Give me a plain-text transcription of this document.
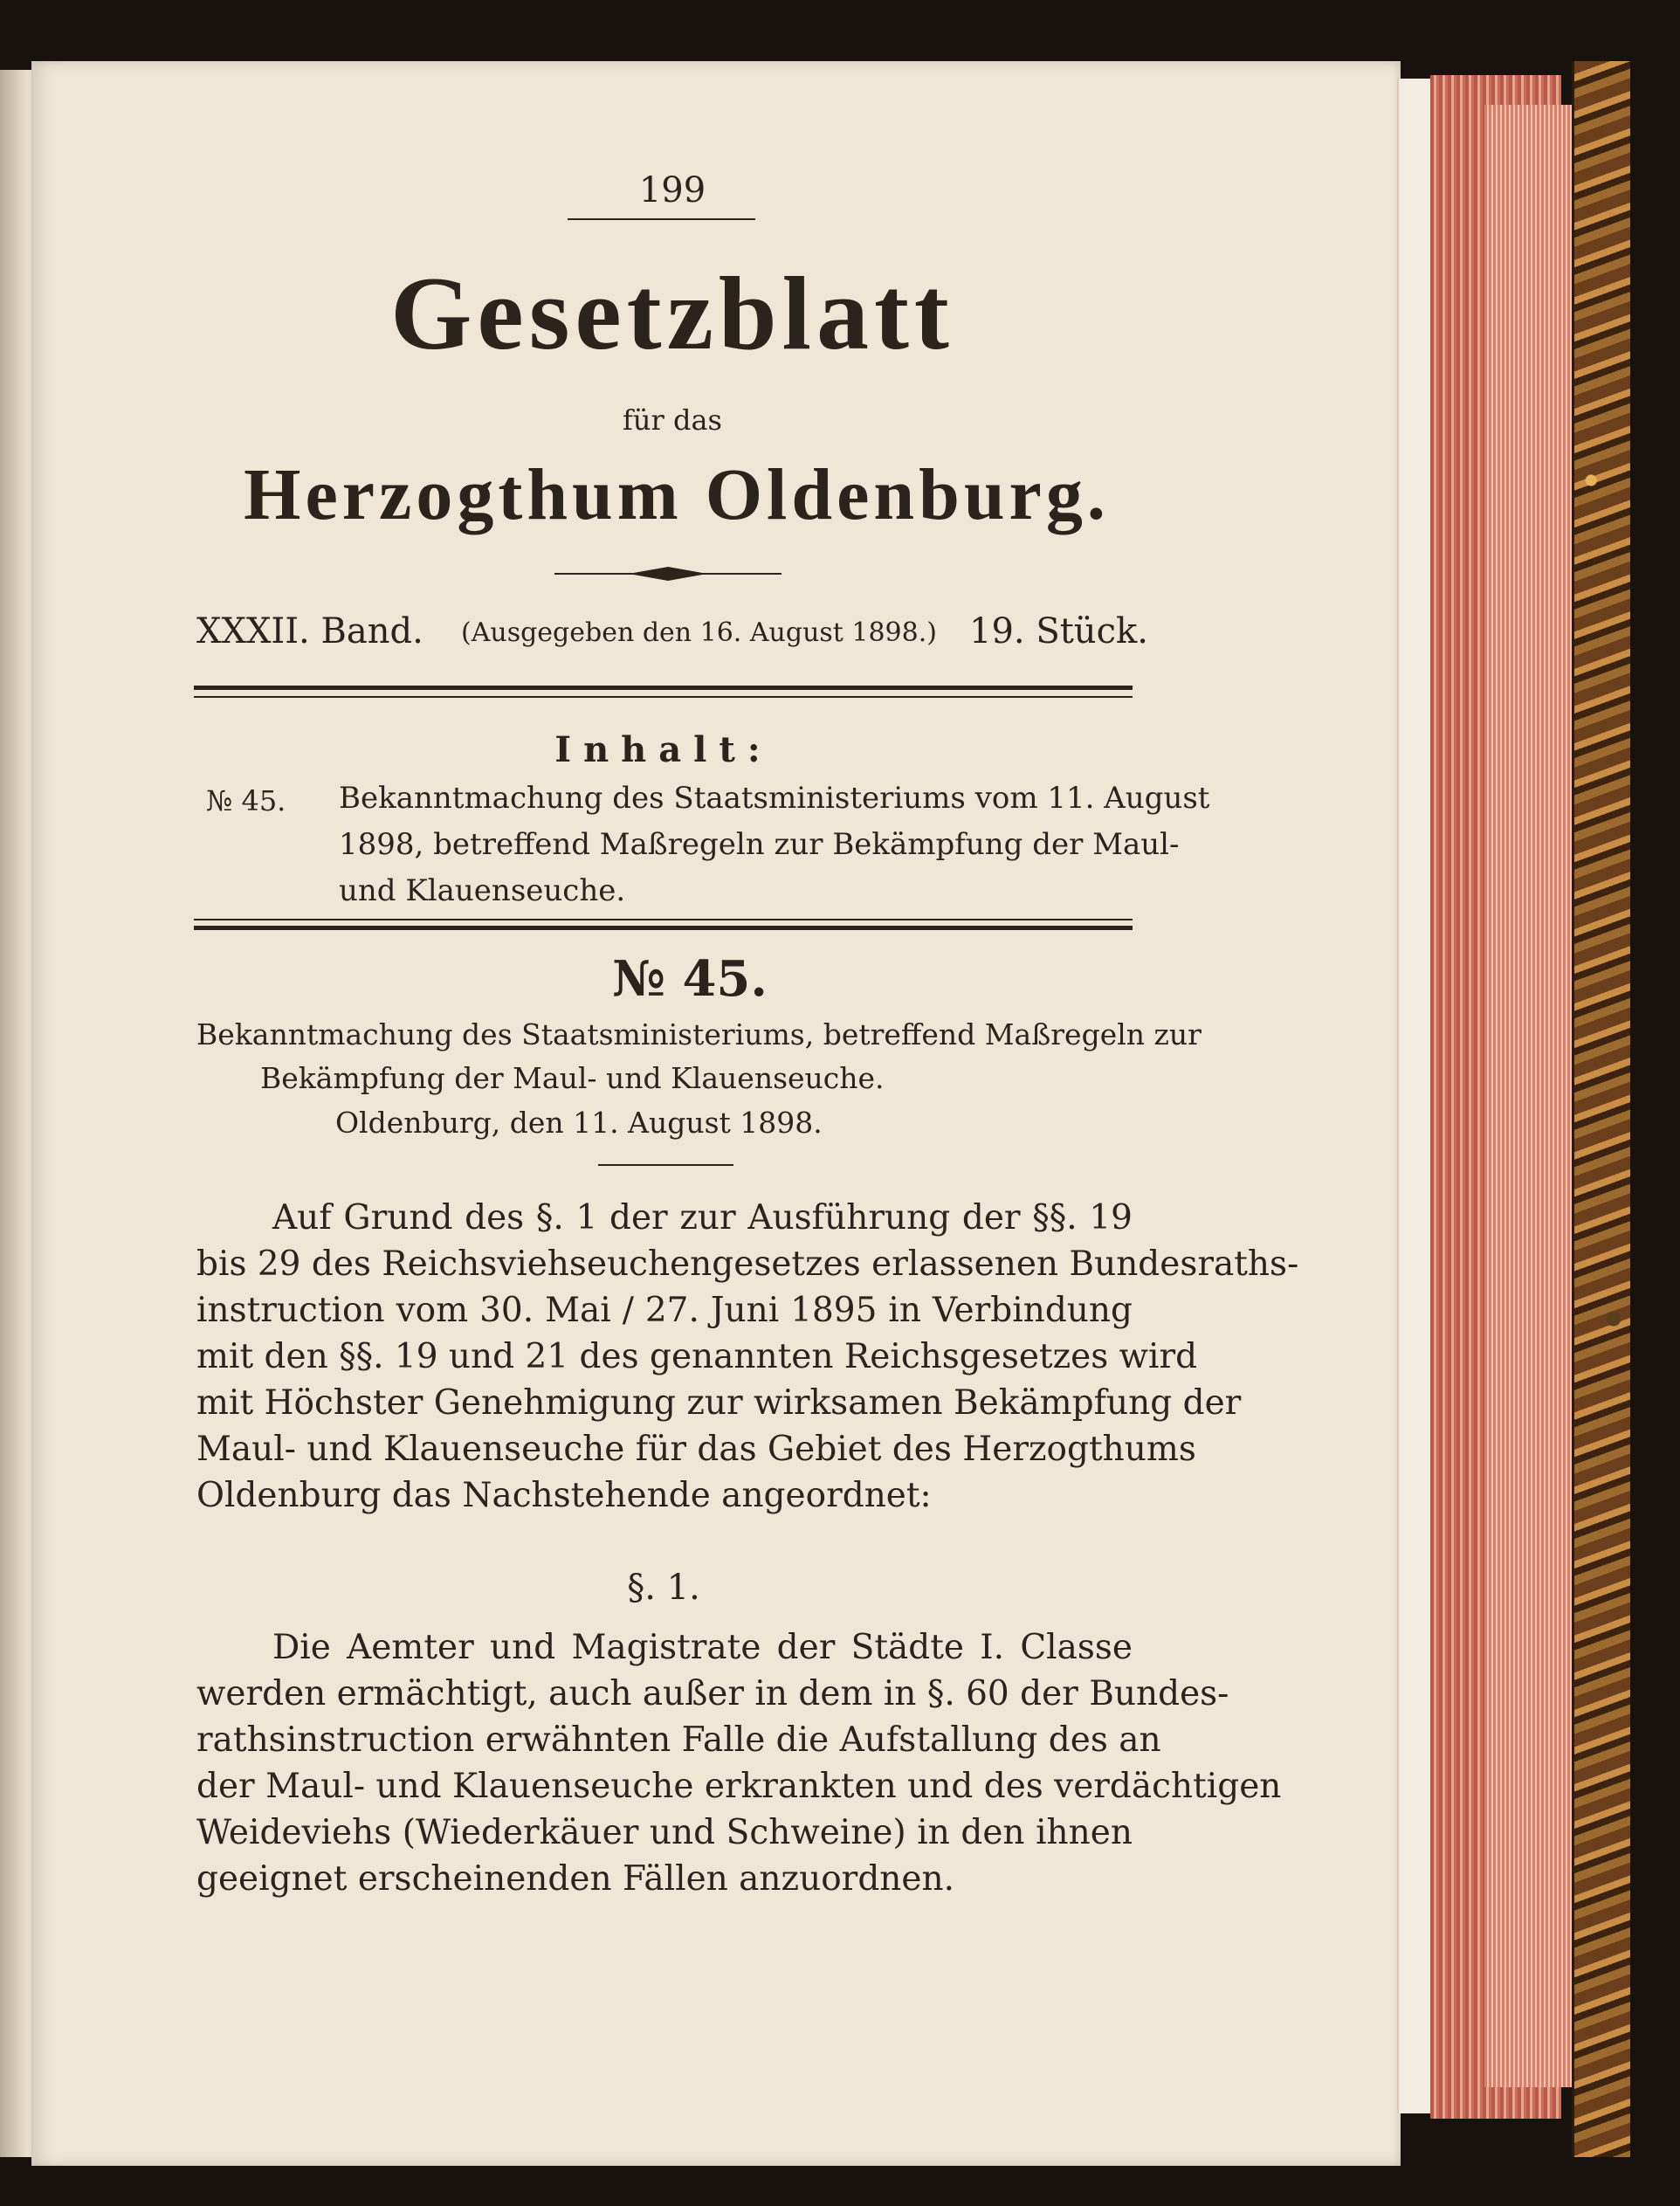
199
Gesetzblatt
für das
Herzogthum Oldenburg.
XXXII. Band. (Ausgegeben den 16. August 1898.) 19. Stück.
Inhalt:
№ 45. Bekanntmachung des Staatsministeriums vom 11. August
1898, betreffend Maßregeln zur Bekämpfung der Maul-
und Klauenseuche.
№ 45.
Bekanntmachung des Staatsministeriums, betreffend Maßregeln zur
Bekämpfung der Maul- und Klauenseuche.
Oldenburg, den 11. August 1898.
Auf Grund des §. 1 der zur Ausführung der §§. 19
bis 29 des Reichsviehseuchengesetzes erlassenen Bundesraths-
instruction vom 30. Mai / 27. Juni 1895 in Verbindung
mit den §§. 19 und 21 des genannten Reichsgesetzes wird
mit Höchster Genehmigung zur wirksamen Bekämpfung der
Maul- und Klauenseuche für das Gebiet des Herzogthums
Oldenburg das Nachstehende angeordnet:
§. 1.
Die Aemter und Magistrate der Städte I. Classe
werden ermächtigt, auch außer in dem in §. 60 der Bundes-
rathsinstruction erwähnten Falle die Aufstallung des an
der Maul- und Klauenseuche erkrankten und des verdächtigen
Weideviehs (Wiederkäuer und Schweine) in den ihnen
geeignet erscheinenden Fällen anzuordnen.
